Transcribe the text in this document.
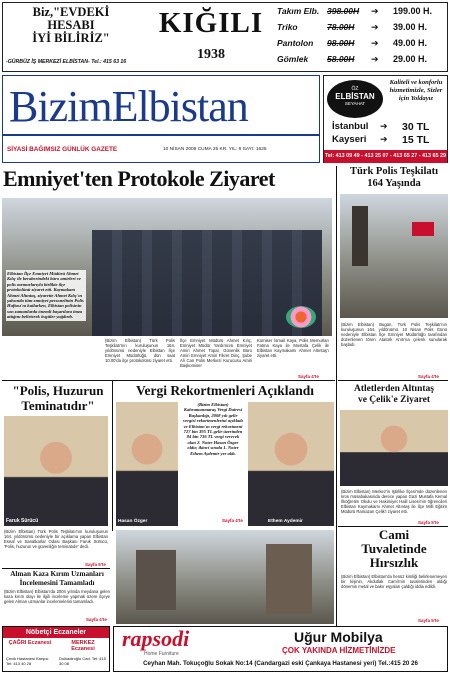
Biz,"EVDEKİ
HESABI
İYİ BİLİRİZ"
-GÜRBÜZ İŞ MERKEZİ ELBİSTAN- Tel.: 415 63 16
KIĞILI
1938
Takım Elb. 398.00H ➔ 199.00 H.
Triko	78.00H ➔ 39.00 H.
Pantolon 98.00H ➔ 49.00 H.
Gömlek 58.00H ➔ 29.00 H.
BizimElbistan
SİYASİ BAĞIMSIZ GÜNLÜK GAZETE	10 NİSAN 2009 CUMA 25 KR. YIL: 6 SAYI: 1625
ÖZ
ELBİSTAN
SEYAHAT
Kaliteli ve konforlu hizmetimizle, Sizler için Yoldayız
İstanbul ➔ 30 TL
Kayseri ➔ 15 TL
Tel: 413 09 49 - 413 25 07 - 413 65 27 - 413 65 29
Emniyet'ten Protokole Ziyaret
Elbistan İlçe Emniyet Müdürü Ahmet Kılıç ile beraberindeki büro amirleri ve polis memurlarıyla birlikte ilçe protokolünü ziyaret etti. Kaymakam Ahmet Altıntaş, ziyarette Ahmet Kılıç'ın şahsında tüm emniyet personelinin Polis Haftası'nı kutlarken, Elbistan polisinin son zamanlarda önemli başarılara imza attığını belirterek övgüler yağdırdı.
(Bizim Elbistan) Türk Polis Teşkilatı'nın kuruluşunun 164. yıldönümü nedeniyle Elbistan İlçe Emniyet Müdürlüğü, dün saat 10.00'da ilçe protokolünü ziyaret etti.
İlçe Emniyet Müdürü Ahmet Kılıç, Emniyet Müdür Yardımcısı Emniyet Amiri Ahmet Topal, Güvenlik Büro Amiri Emniyet Amiri Fikret Dinç, Şube Ali Can Polis Merkezi Kurucusu Amiri Başkomiser
Komiser İsmail Kaya, Polis Memurları Fatma Kaya ile Mustafa Çelik ile Elbistan Kaymakamı Ahmet Altıntaş'ı ziyaret etti.
Sayfa 4'te
Türk Polis Teşkilatı
164 Yaşında
(Bizim Elbistan) Bugün, Türk Polis Teşkilatı'nın kuruluşunun 164. yıldönümü. 10 Nisan Polis Günü nedeniyle Elbistan İlçe Emniyet Müdürlüğü tarafından düzenlenen tören Atatürk Anıtı'na çelenk sunularak başladı.
Sayfa 4'te
Atletlerden Altıntaş
ve Çelik'e Ziyaret
(Bizim Elbistan) Merkez'in Iştirlike İlçesi'nde düzenlenen kros müsabakasında derece yapan Gazi Mustafa Kemal İlköğretim Okulu ve Hakimiyet Halil Lisesi'nin öğrencileri Elbistan Kaymakamı Ahmet Altıntaş ile İlçe Milli Eğitim Müdürü Ramazan Çelik'i ziyaret etti.
Sayfa 5'te
Cami
Tuvaletinde
Hırsızlık
(Bizim Elbistan) Elbistan'da henüz kimliği belirlenemeyen bir kişinin, Akdutlak Camii'nin tuvaletinden aldığı dönemin metal ve bakır eşyaları çaldığı iddia edildi.
Sayfa 5'te
"Polis, Huzurun
Teminatıdır"
Faruk Sürücü
(Bizim Elbistan) Türk Polis Teşkilatı'nın kuruluşunun 164. yıldönümü nedeniyle bir açıklama yapan Elbistan Esnaf ve Sanatkarlar Odası Başkanı Faruk Sürücü, 'Polis, huzurun ve güvenliğin teminatıdır' dedi.
Sayfa 5'te
Vergi Rekortmenleri Açıklandı
Hasan Özger
(Bizim Elbistan) Kahramanmaraş Vergi Dairesi Başkanlığı, 2008 yılı gelir vergisi rekortmenlerini açıkladı ve Elbistan'ın vergi rekortmeni 727 bin 395 TL gelir üzerinden 84 bin 736 TL vergi verecek olan 2. Noter Hasan Özger oldu; ikinci sırada 1. Noter Ethem Aydemir yer aldı.
Sayfa 4'te	Ethem Aydemir
Alman Kaza Kırım Uzmanları
İncelemesini Tamamladı
(Bizim Elbistan) Elbistan'da 2004 yılında meydana gelen kaza kırım olayı ile ilgili inceleme yapmak üzere ilçeye gelen Alman uzmanlar incelemelerini tamamladı.
Sayfa 4'te
Nöbetçi Eczaneler
ÇAĞRI Eczanesi
Çevik Hastanesi Karşısı Tel: 413 40 28
MERKEZ Eczanesi
Dulkadiroğlu Cad. Tel: 415 30 08
rapsodi
Home Furniture
Uğur Mobilya
ÇOK YAKINDA HİZMETİNİZDE
Ceyhan Mah. Tokuçoğlu Sokak No:14 (Candargazi eski Çankaya Hastanesi yeri) Tel.:415 20 26
